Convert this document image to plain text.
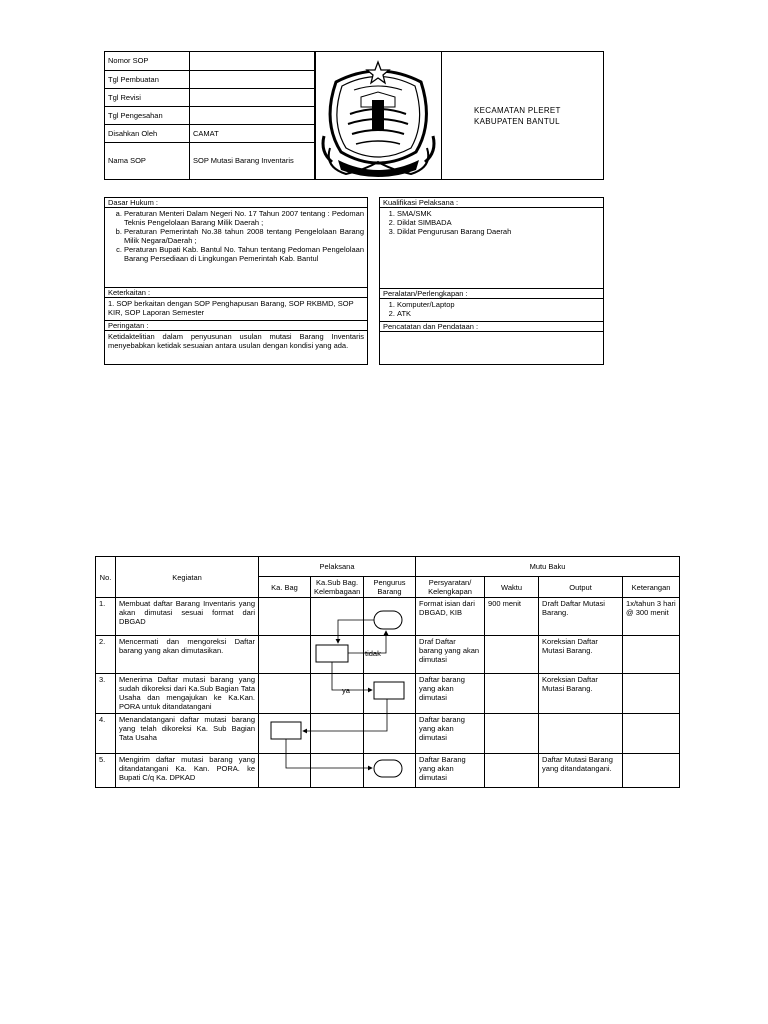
Nomor SOP	
Tgl Pembuatan	
Tgl Revisi	
Tgl Pengesahan	
Disahkan Oleh	CAMAT
Nama SOP	SOP Mutasi Barang Inventaris
KECAMATAN PLERET
KABUPATEN BANTUL
Dasar Hukum :
a. Peraturan Menteri Dalam Negeri No. 17 Tahun 2007 tentang : Pedoman Teknis Pengelolaan Barang Milik Daerah ;
b. Peraturan Pemerintah No.38 tahun 2008 tentang Pengelolaan Barang Milik Negara/Daerah ;
c. Peraturan Bupati Kab. Bantul No. Tahun tentang Pedoman Pengelolaan Barang Persediaan di Lingkungan Pemerintah Kab. Bantul
Keterkaitan :
1. SOP berkaitan dengan SOP Penghapusan Barang, SOP RKBMD, SOP KIR, SOP Laporan Semester
Peringatan :
Ketidaktelitian dalam penyusunan usulan mutasi Barang Inventaris menyebabkan ketidak sesuaian antara usulan dengan kondisi yang ada.
Kualifikasi Pelaksana :
1. SMA/SMK
2. Diklat SIMBADA
3. Diklat Pengurusan Barang Daerah
Peralatan/Perlengkapan :
1. Komputer/Laptop
2. ATK
Pencatatan dan Pendataan :
No.	Kegiatan	Pelaksana			Mutu Baku			
		Ka. Bag	Ka.Sub Bag. Kelembagaan	Pengurus Barang	Persyaratan/ Kelengkapan	Waktu	Output	Keterangan
1.	Membuat daftar Barang Inventaris yang akan dimutasi sesuai format dari DBGAD				Format isian dari DBGAD, KIB	900 menit	Draft Daftar Mutasi Barang.	1x/tahun 3 hari @ 300 menit
2.	Mencermati dan mengoreksi Daftar barang yang akan dimutasikan.				Draf Daftar barang yang akan dimutasi		Koreksian Daftar Mutasi Barang.	
3.	Menerima Daftar mutasi barang yang sudah dikoreksi dari Ka.Sub Bagian Tata Usaha dan mengajukan ke Ka.Kan. PORA untuk ditandatangani				Daftar barang yang akan dimutasi		Koreksian Daftar Mutasi Barang.	
4.	Menandatangani daftar mutasi barang yang telah dikoreksi Ka. Sub Bagian Tata Usaha				Daftar barang yang akan dimutasi			
5.	Mengirim daftar mutasi barang yang ditandatangani Ka. Kan. PORA. ke Bupati C/q Ka. DPKAD				Daftar Barang yang akan dimutasi		Daftar Mutasi Barang yang ditandatangani.	
tidak
ya
